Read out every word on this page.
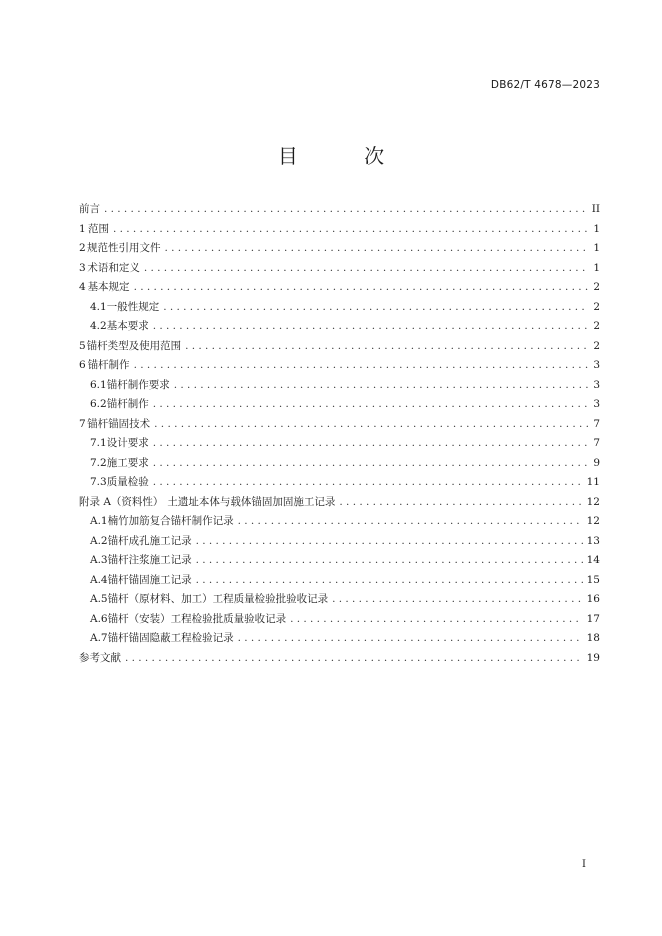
DB62/T 4678—2023
目 次
前言 .....	II
1 范围 .....	1
2 规范性引用文件 .....	1
3 术语和定义 .....	1
4 基本规定 .....	2
4.1 一般性规定 .....	2
4.2 基本要求 .....	2
5 锚杆类型及使用范围 .....	2
6 锚杆制作 .....	3
6.1 锚杆制作要求 .....	3
6.2 锚杆制作 .....	3
7 锚杆锚固技术 .....	7
7.1 设计要求 .....	7
7.2 施工要求 .....	9
7.3 质量检验 .....	11
附录 A（资料性） 土遗址本体与载体锚固加固施工记录 .....	12
A.1 楠竹加筋复合锚杆制作记录 .....	12
A.2 锚杆成孔施工记录 .....	13
A.3 锚杆注浆施工记录 .....	14
A.4 锚杆锚固施工记录 .....	15
A.5 锚杆（原材料、加工）工程质量检验批验收记录 .....	16
A.6 锚杆（安装）工程检验批质量验收记录 .....	17
A.7 锚杆锚固隐蔽工程检验记录 .....	18
参考文献 .....	19
I
